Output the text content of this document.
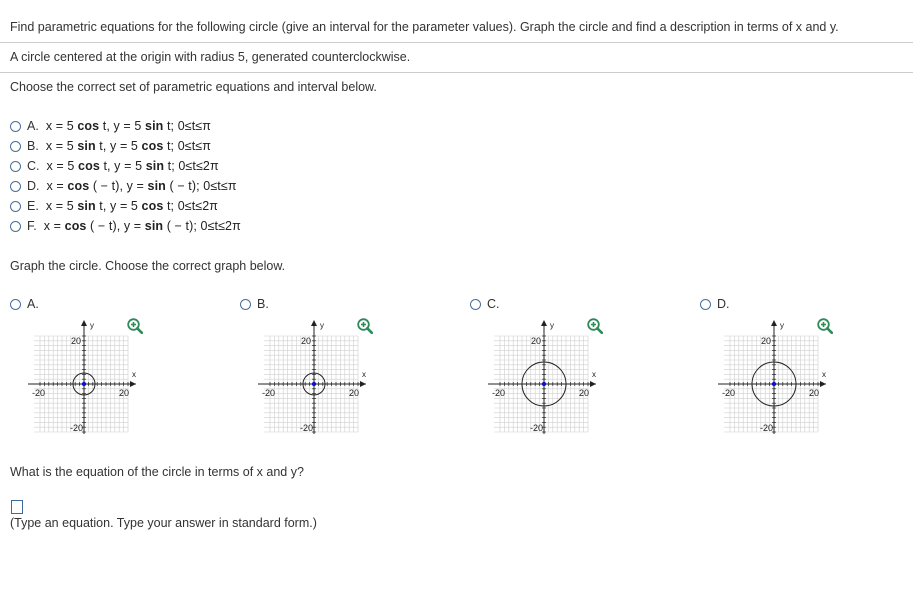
Find parametric equations for the following circle (give an interval for the parameter values). Graph the circle and find a description in terms of x and y.
A circle centered at the origin with radius 5, generated counterclockwise.
Choose the correct set of parametric equations and interval below.
A. x = 5 cos t, y = 5 sin t; 0≤t≤π
B. x = 5 sin t, y = 5 cos t; 0≤t≤π
C. x = 5 cos t, y = 5 sin t; 0≤t≤2π
D. x = cos ( − t), y = sin ( − t); 0≤t≤π
E. x = 5 sin t, y = 5 cos t; 0≤t≤2π
F. x = cos ( − t), y = sin ( − t); 0≤t≤2π
Graph the circle. Choose the correct graph below.
A.
y
x
20
-20
-20	20
B.
y
x
20
-20
-20	20
C.
y
x
20
-20
-20	20
D.
y
x
20
-20
-20	20
What is the equation of the circle in terms of x and y?
(Type an equation. Type your answer in standard form.)
